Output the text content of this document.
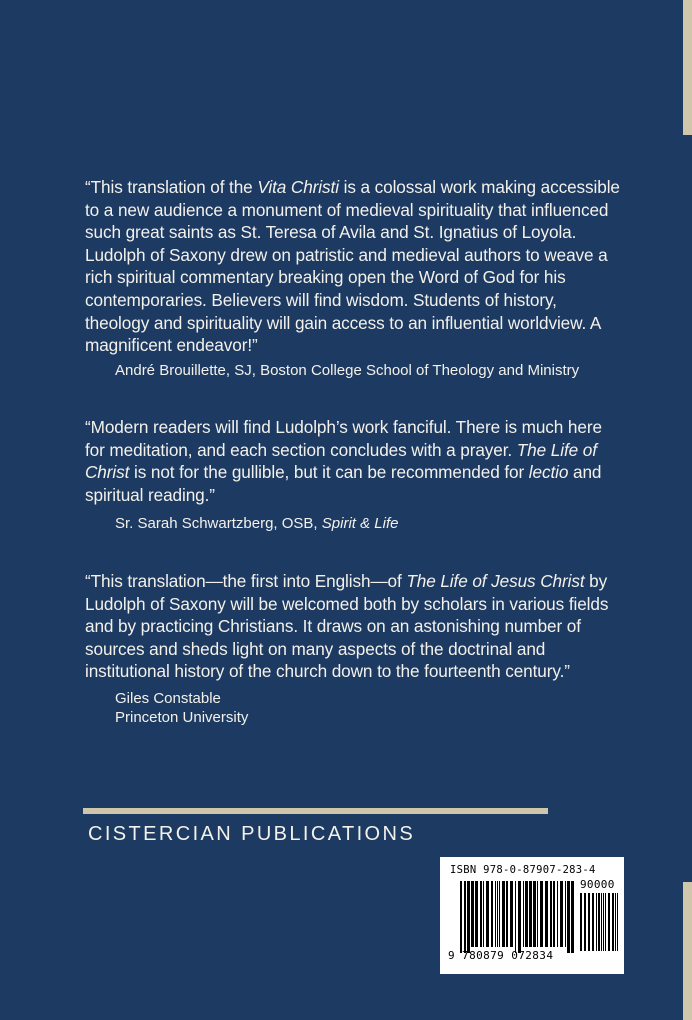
“This translation of the Vita Christi is a colossal work making accessible to a new audience a monument of medieval spirituality that influenced such great saints as St. Teresa of Avila and St. Ignatius of Loyola. Ludolph of Saxony drew on patristic and medieval authors to weave a rich spiritual commentary breaking open the Word of God for his contemporaries. Believers will find wisdom. Students of history, theology and spirituality will gain access to an influential worldview. A magnificent endeavor!”

André Brouillette, SJ, Boston College School of Theology and Ministry

“Modern readers will find Ludolph’s work fanciful. There is much here for meditation, and each section concludes with a prayer. The Life of Christ is not for the gullible, but it can be recommended for lectio and spiritual reading.”

Sr. Sarah Schwartzberg, OSB, Spirit & Life

“This translation—the first into English—of The Life of Jesus Christ by Ludolph of Saxony will be welcomed both by scholars in various fields and by practicing Christians. It draws on an astonishing number of sources and sheds light on many aspects of the doctrinal and institutional history of the church down to the fourteenth century.”

Giles Constable
Princeton University

CISTERCIAN PUBLICATIONS

ISBN 978-0-87907-283-4
90000
9 780879 072834
